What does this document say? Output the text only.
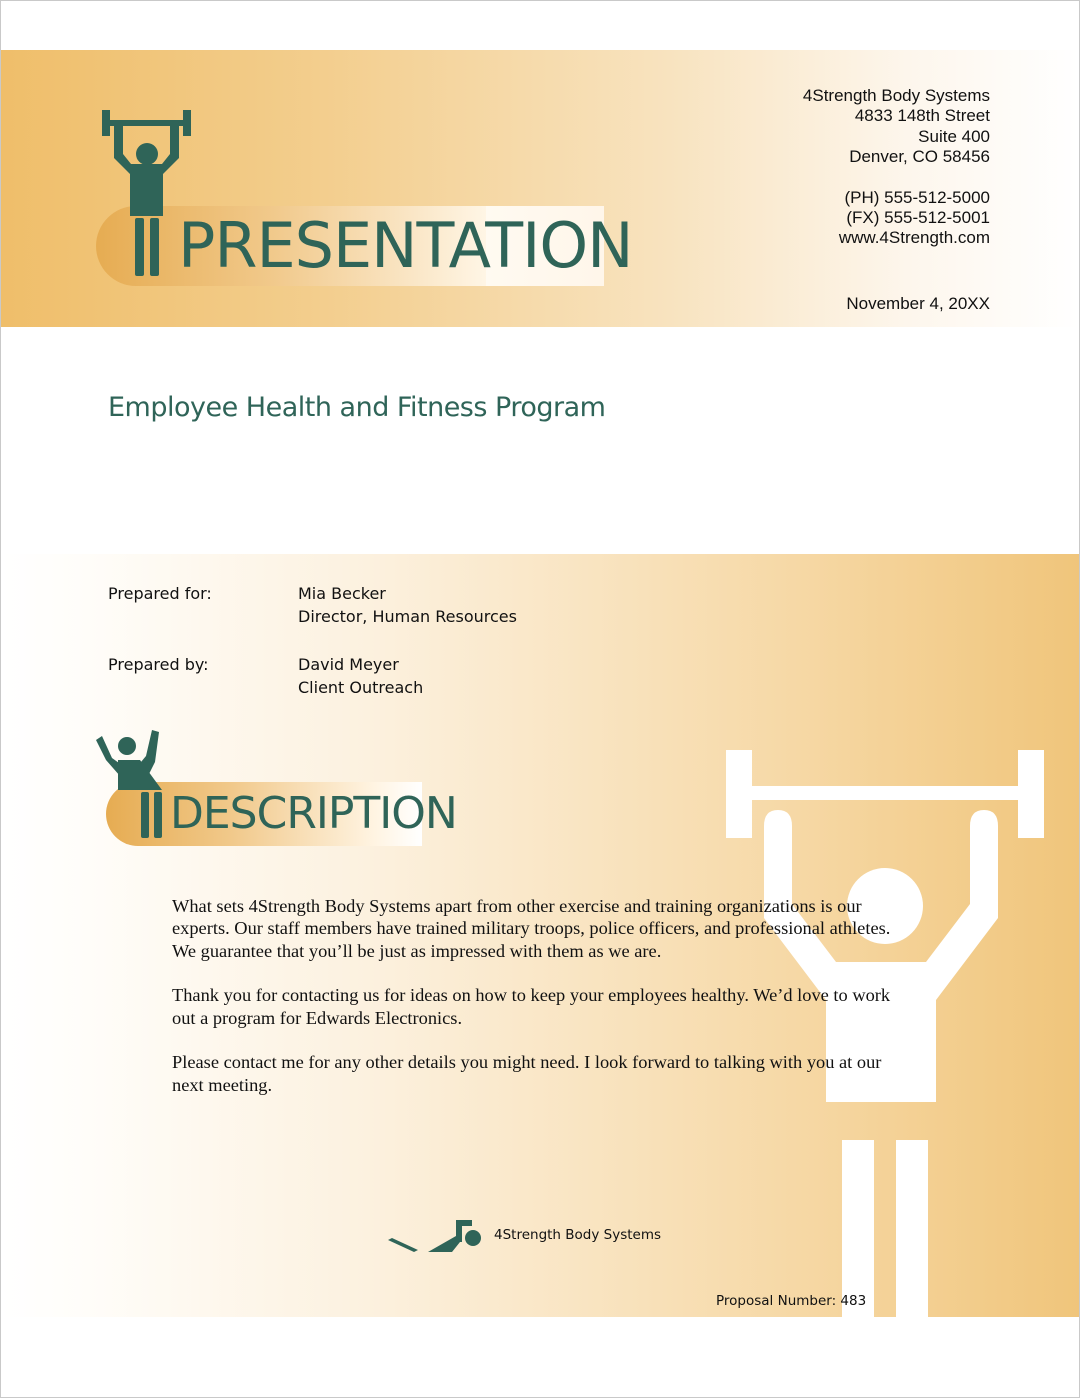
PRESENTATION
4Strength Body Systems
4833 148th Street
Suite 400
Denver, CO 58456
(PH) 555-512-5000
(FX) 555-512-5001
www.4Strength.com
November 4, 20XX
Employee Health and Fitness Program
Prepared for:	Mia Becker
Director, Human Resources
Prepared by:	David Meyer
Client Outreach
DESCRIPTION

What sets 4Strength Body Systems apart from other exercise and training organizations is our experts. Our staff members have trained military troops, police officers, and professional athletes. We guarantee that you’ll be just as impressed with them as we are.

Thank you for contacting us for ideas on how to keep your employees healthy. We’d love to work out a program for Edwards Electronics.

Please contact me for any other details you might need. I look forward to talking with you at our next meeting.

4Strength Body Systems
Proposal Number: 483
